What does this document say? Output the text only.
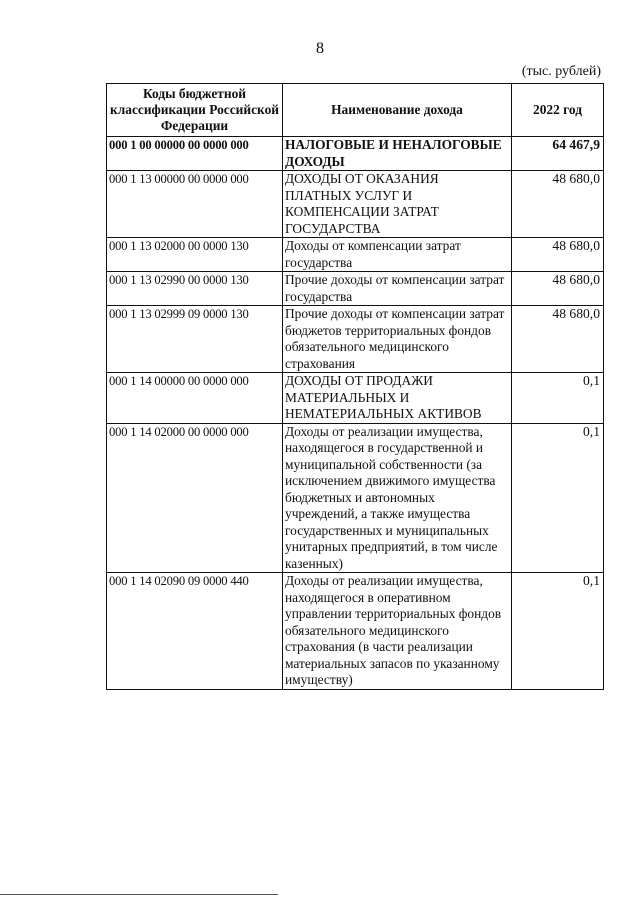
8
(тыс. рублей)
Коды бюджетной классификации Российской Федерации	Наименование дохода	2022 год
000 1 00 00000 00 0000 000	НАЛОГОВЫЕ И НЕНАЛОГОВЫЕ ДОХОДЫ	64 467,9
000 1 13 00000 00 0000 000	ДОХОДЫ ОТ ОКАЗАНИЯ ПЛАТНЫХ УСЛУГ И КОМПЕНСАЦИИ ЗАТРАТ ГОСУДАРСТВА	48 680,0
000 1 13 02000 00 0000 130	Доходы от компенсации затрат государства	48 680,0
000 1 13 02990 00 0000 130	Прочие доходы от компенсации затрат государства	48 680,0
000 1 13 02999 09 0000 130	Прочие доходы от компенсации затрат бюджетов территориальных фондов обязательного медицинского страхования	48 680,0
000 1 14 00000 00 0000 000	ДОХОДЫ ОТ ПРОДАЖИ МАТЕРИАЛЬНЫХ И НЕМАТЕРИАЛЬНЫХ АКТИВОВ	0,1
000 1 14 02000 00 0000 000	Доходы от реализации имущества, находящегося в государственной и муниципальной собственности (за исключением движимого имущества бюджетных и автономных учреждений, а также имущества государственных и муниципальных унитарных предприятий, в том числе казенных)	0,1
000 1 14 02090 09 0000 440	Доходы от реализации имущества, находящегося в оперативном управлении территориальных фондов обязательного медицинского страхования (в части реализации материальных запасов по указанному имуществу)	0,1
